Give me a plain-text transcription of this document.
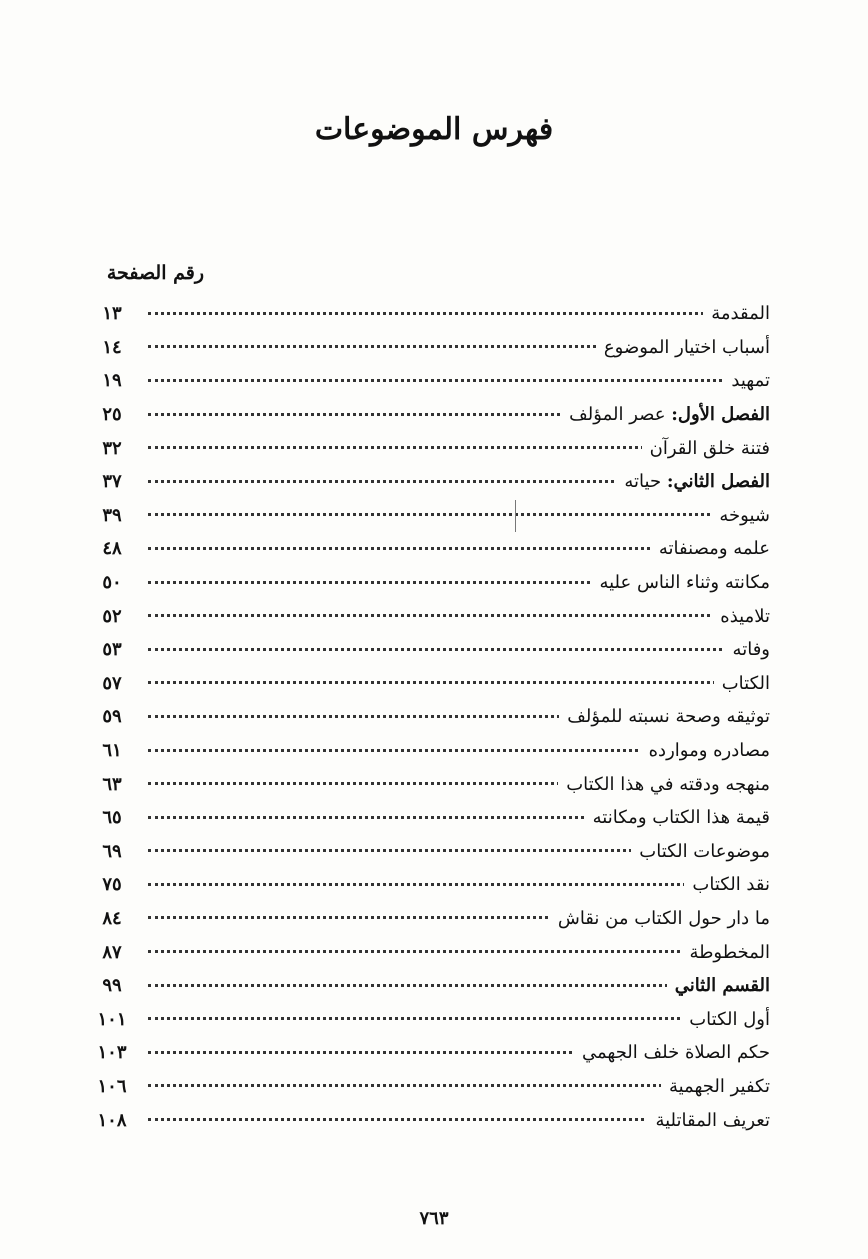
فهرس الموضوعات
رقم الصفحة
١٣	المقدمة
١٤	أسباب اختيار الموضوع
١٩	تمهيد
٢٥	الفصل الأول: عصر المؤلف
٣٢	فتنة خلق القرآن
٣٧	الفصل الثاني: حياته
٣٩	شيوخه
٤٨	علمه ومصنفاته
٥٠	مكانته وثناء الناس عليه
٥٢	تلاميذه
٥٣	وفاته
٥٧	الكتاب
٥٩	توثيقه وصحة نسبته للمؤلف
٦١	مصادره وموارده
٦٣	منهجه ودقته في هذا الكتاب
٦٥	قيمة هذا الكتاب ومكانته
٦٩	موضوعات الكتاب
٧٥	نقد الكتاب
٨٤	ما دار حول الكتاب من نقاش
٨٧	المخطوطة
٩٩	القسم الثاني
١٠١	أول الكتاب
١٠٣	حكم الصلاة خلف الجهمي
١٠٦	تكفير الجهمية
١٠٨	تعريف المقاتلية
٧٦٣
